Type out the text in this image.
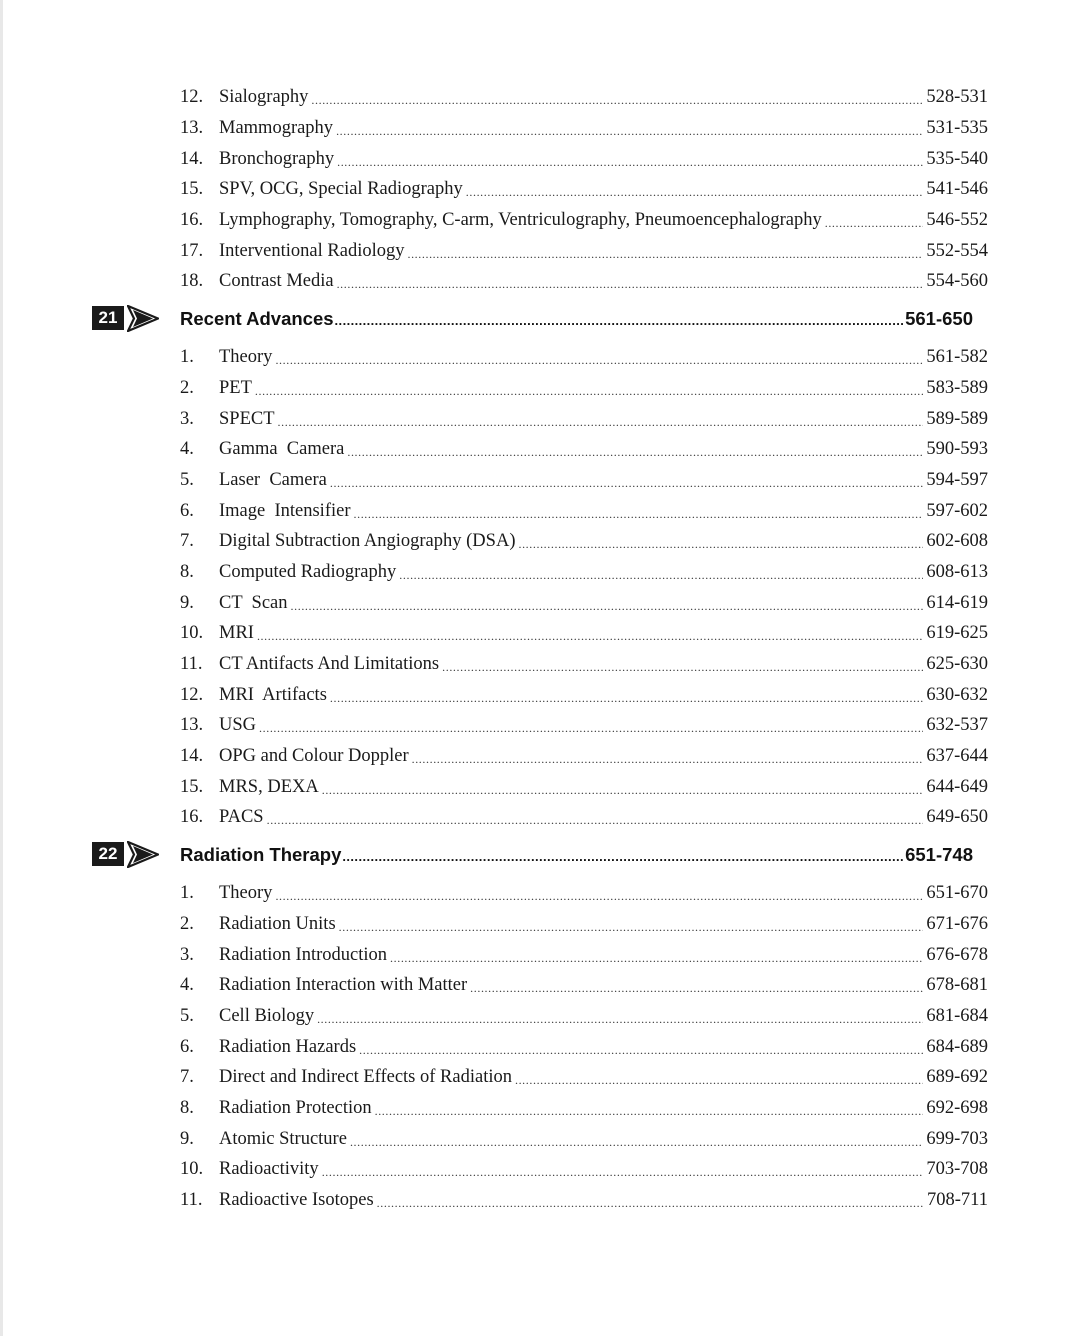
12. Sialography .....	528-531
13. Mammography .....	531-535
14. Bronchography .....	535-540
15. SPV, OCG, Special Radiography .....	541-546
16. Lymphography, Tomography, C-arm, Ventriculography, Pneumoencephalography .....	546-552
17. Interventional Radiology .....	552-554
18. Contrast Media .....	554-560
21	Recent Advances .....	561-650
1.	Theory .....	561-582
2.	PET .....	583-589
3.	SPECT .....	589-589
4.	Gamma  Camera .....	590-593
5.	Laser  Camera .....	594-597
6.	Image  Intensifier .....	597-602
7.	Digital Subtraction Angiography (DSA) .....	602-608
8.	Computed Radiography .....	608-613
9.	CT  Scan .....	614-619
10. MRI .....	619-625
11. CT Antifacts And Limitations .....	625-630
12. MRI  Artifacts .....	630-632
13. USG .....	632-537
14. OPG and Colour Doppler .....	637-644
15. MRS, DEXA .....	644-649
16. PACS .....	649-650
22	Radiation Therapy .....	651-748
1.	Theory .....	651-670
2.	Radiation Units .....	671-676
3.	Radiation Introduction .....	676-678
4.	Radiation Interaction with Matter .....	678-681
5.	Cell Biology .....	681-684
6.	Radiation Hazards .....	684-689
7.	Direct and Indirect Effects of Radiation .....	689-692
8.	Radiation Protection .....	692-698
9.	Atomic Structure .....	699-703
10. Radioactivity .....	703-708
11. Radioactive Isotopes .....	708-711
